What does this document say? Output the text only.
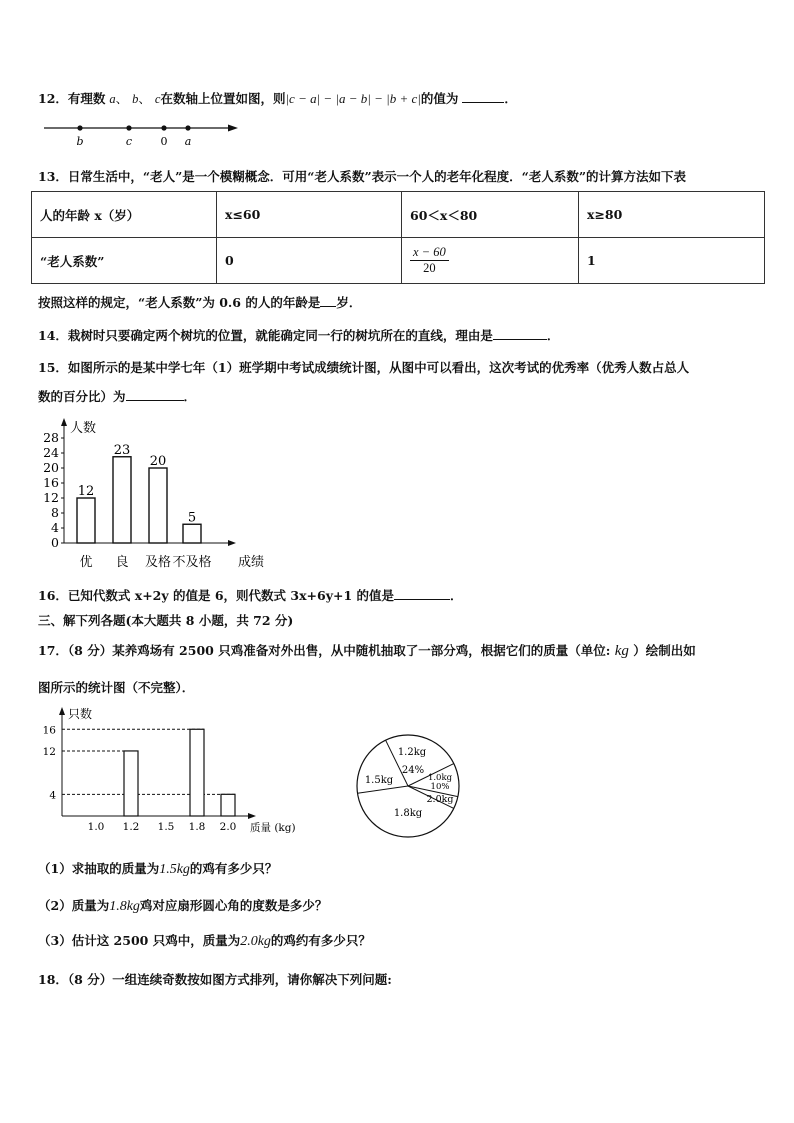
12．有理数 a、 b、 c在数轴上位置如图，则|c − a| − |a − b| − |b + c|的值为	．
b	c	0 a
13．日常生活中，“老人”是一个模糊概念．可用“老人系数”表示一个人的老年化程度．“老人系数”的计算方法如下表
人的年龄 x（岁）	x≤60	60＜x＜80	x≥80
“老人系数”	0	$\frac{x - 60}{20}$	1
按照这样的规定，“老人系数”为 0.6 的人的年龄是 岁．
14．栽树时只要确定两个树坑的位置，就能确定同一行的树坑所在的直线，理由是	．
15．如图所示的是某中学七年（1）班学期中考试成绩统计图，从图中可以看出，这次考试的优秀率（优秀人数占总人
数的百分比）为	．
人数
成绩
0
4
8
12
16
20
24
28
12
优
23
良
20
及格
5
不及格
16．已知代数式 x+2y 的值是 6，则代数式 3x+6y+1 的值是	．
三、解下列各题(本大题共 8 小题，共 72 分)
17．（8 分）某养鸡场有 2500 只鸡准备对外出售，从中随机抽取了一部分鸡，根据它们的质量（单位: kg ）绘制出如
图所示的统计图（不完整）．
只数
质量 (kg)
4
12
16
1.0 1.2 1.5 1.8 2.0
1.2kg
24%
1.0kg
10%
2.0kg
1.8kg
1.5kg
（1）求抽取的质量为1.5kg的鸡有多少只？
（2）质量为1.8kg鸡对应扇形圆心角的度数是多少？
（3）估计这 2500 只鸡中，质量为2.0kg的鸡约有多少只？
18．（8 分）一组连续奇数按如图方式排列，请你解决下列问题:
